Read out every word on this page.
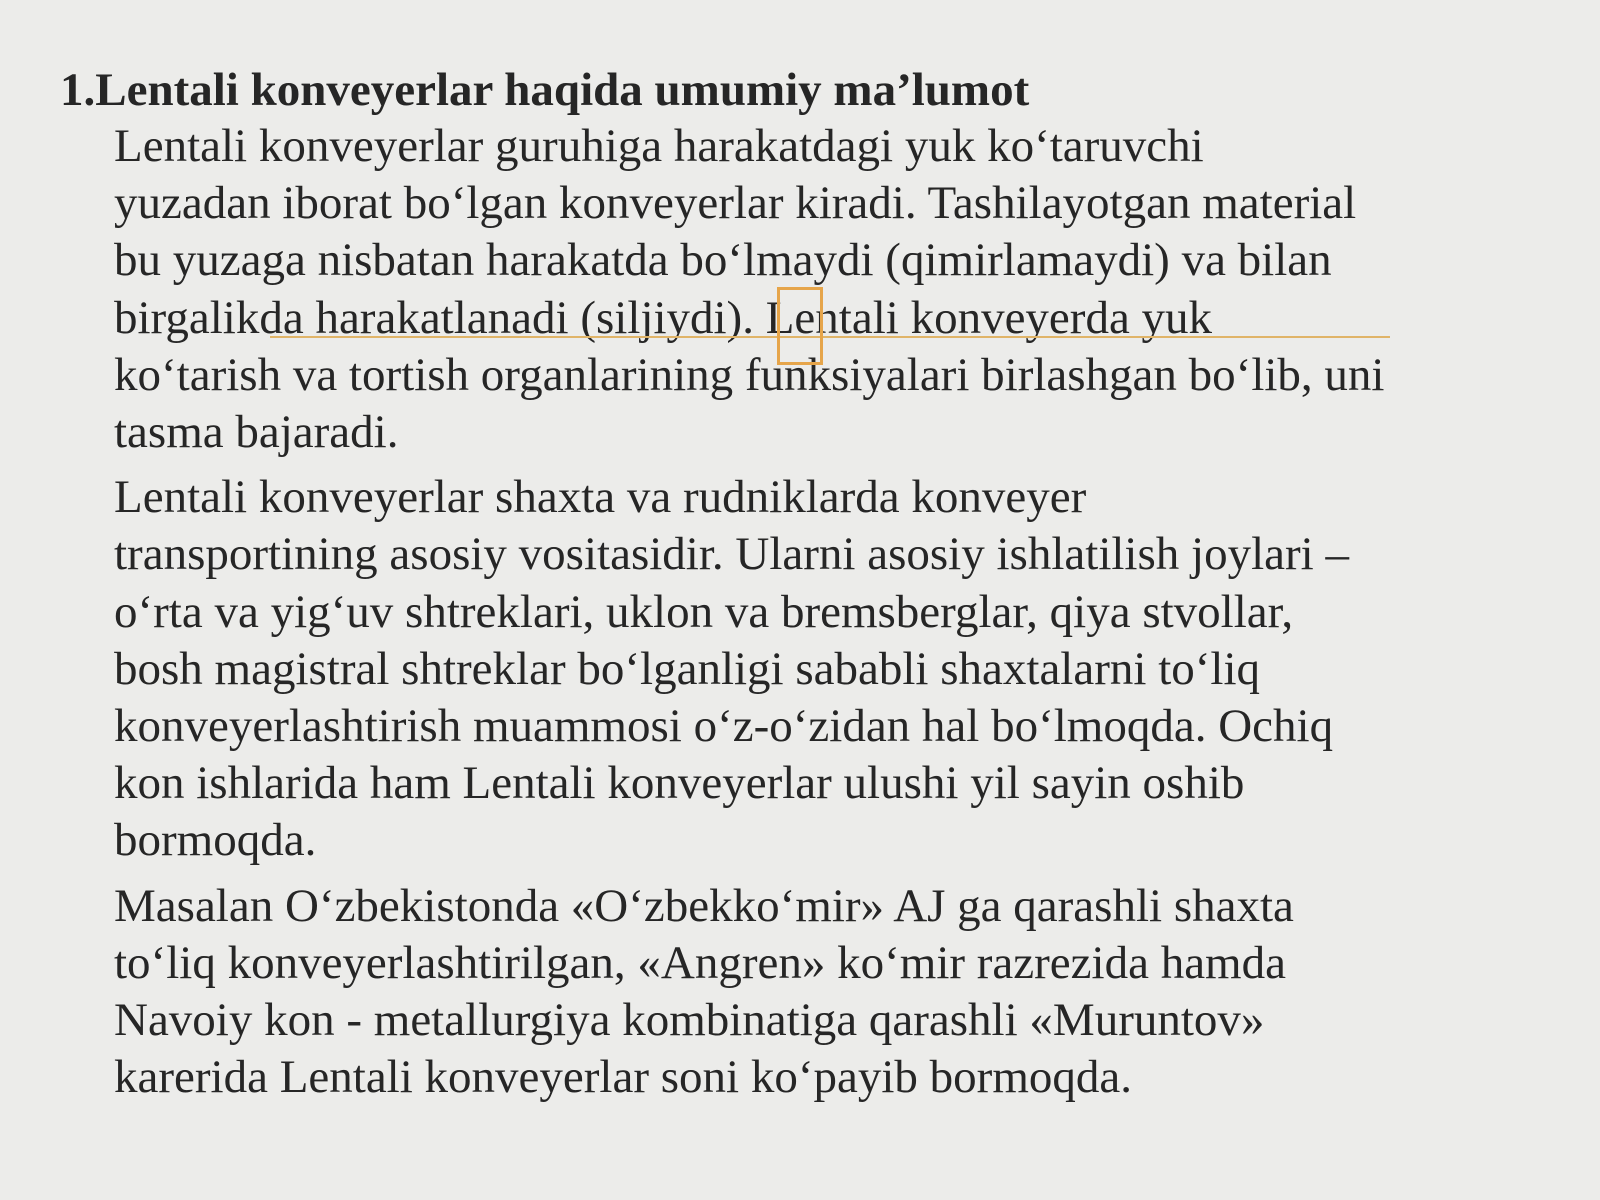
1.Lentali konveyerlar haqida umumiy ma’lumot

Lentali konveyerlar guruhiga harakatdagi yuk ko‘taruvchi
yuzadan iborat bo‘lgan konveyerlar kiradi. Tashilayotgan material
bu yuzaga nisbatan harakatda bo‘lmaydi (qimirlamaydi) va bilan
birgalikda harakatlanadi (siljiydi). Lentali konveyerda yuk
ko‘tarish va tortish organlarining funksiyalari birlashgan bo‘lib, uni
tasma bajaradi.

Lentali konveyerlar shaxta va rudniklarda konveyer
transportining asosiy vositasidir. Ularni asosiy ishlatilish joylari –
o‘rta va yig‘uv shtreklari, uklon va bremsberglar, qiya stvollar,
bosh magistral shtreklar bo‘lganligi sababli shaxtalarni to‘liq
konveyerlashtirish muammosi o‘z-o‘zidan hal bo‘lmoqda. Ochiq
kon ishlarida ham Lentali konveyerlar ulushi yil sayin oshib
bormoqda.

Masalan O‘zbekistonda «O‘zbekko‘mir» AJ ga qarashli shaxta
to‘liq konveyerlashtirilgan, «Angren» ko‘mir razrezida hamda
Navoiy kon - metallurgiya kombinatiga qarashli «Muruntov»
karerida Lentali konveyerlar soni ko‘payib bormoqda.
